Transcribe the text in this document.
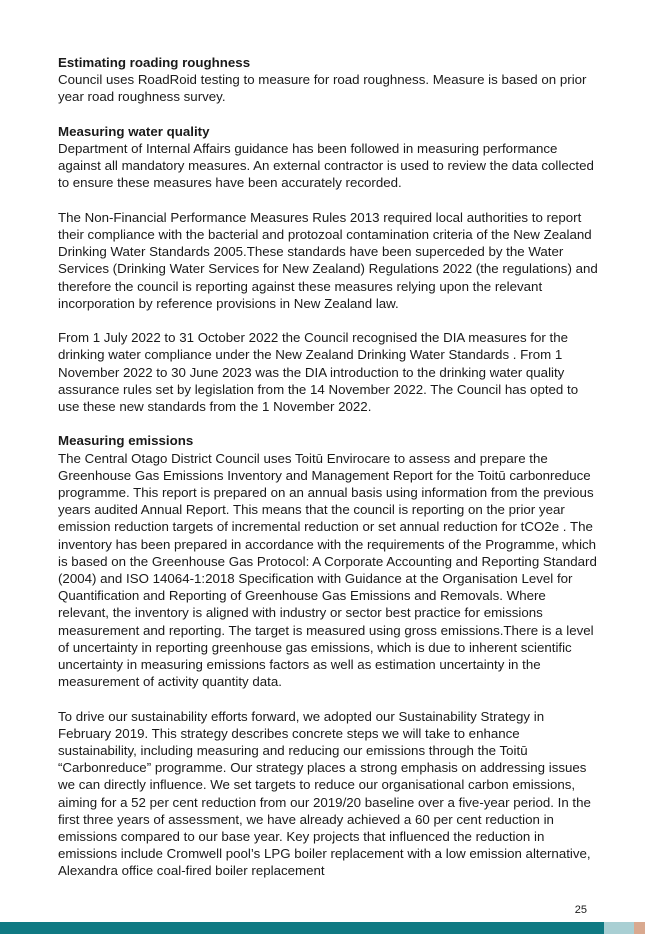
Estimating roading roughness

Council uses RoadRoid testing to measure for road roughness. Measure is based on prior year road roughness survey.

Measuring water quality

Department of Internal Affairs guidance has been followed in measuring performance against all mandatory measures. An external contractor is used to review the data collected to ensure these measures have been accurately recorded.

The Non-Financial Performance Measures Rules 2013 required local authorities to report their compliance with the bacterial and protozoal contamination criteria of the New Zealand Drinking Water Standards 2005.These standards have been superceded by the Water Services (Drinking Water Services for New Zealand) Regulations 2022 (the regulations) and therefore the council is reporting against these measures relying upon the relevant incorporation by reference provisions in New Zealand law.

From 1 July 2022 to 31 October 2022 the Council recognised the DIA measures for the drinking water compliance under the New Zealand Drinking Water Standards . From 1 November 2022 to 30 June 2023 was the DIA introduction to the drinking water quality assurance rules set by legislation from the 14 November 2022. The Council has opted to use these new standards from the 1 November 2022.

Measuring emissions

The Central Otago District Council uses Toitū Envirocare to assess and prepare the Greenhouse Gas Emissions Inventory and Management Report for the Toitū carbonreduce programme. This report is prepared on an annual basis using information from the previous years audited Annual Report. This means that the council is reporting on the prior year emission reduction targets of incremental reduction or set annual reduction for tCO2e . The inventory has been prepared in accordance with the requirements of the Programme, which is based on the Greenhouse Gas Protocol: A Corporate Accounting and Reporting Standard (2004) and ISO 14064-1:2018 Specification with Guidance at the Organisation Level for Quantification and Reporting of Greenhouse Gas Emissions and Removals. Where relevant, the inventory is aligned with industry or sector best practice for emissions measurement and reporting. The target is measured using gross emissions.There is a level of uncertainty in reporting greenhouse gas emissions, which is due to inherent scientific uncertainty in measuring emissions factors as well as estimation uncertainty in the measurement of activity quantity data.

To drive our sustainability efforts forward, we adopted our Sustainability Strategy in February 2019. This strategy describes concrete steps we will take to enhance sustainability, including measuring and reducing our emissions through the Toitū “Carbonreduce” programme. Our strategy places a strong emphasis on addressing issues we can directly influence. We set targets to reduce our organisational carbon emissions, aiming for a 52 per cent reduction from our 2019/20 baseline over a five-year period. In the first three years of assessment, we have already achieved a 60 per cent reduction in emissions compared to our base year. Key projects that influenced the reduction in emissions include Cromwell pool’s LPG boiler replacement with a low emission alternative, Alexandra office coal-fired boiler replacement

25
